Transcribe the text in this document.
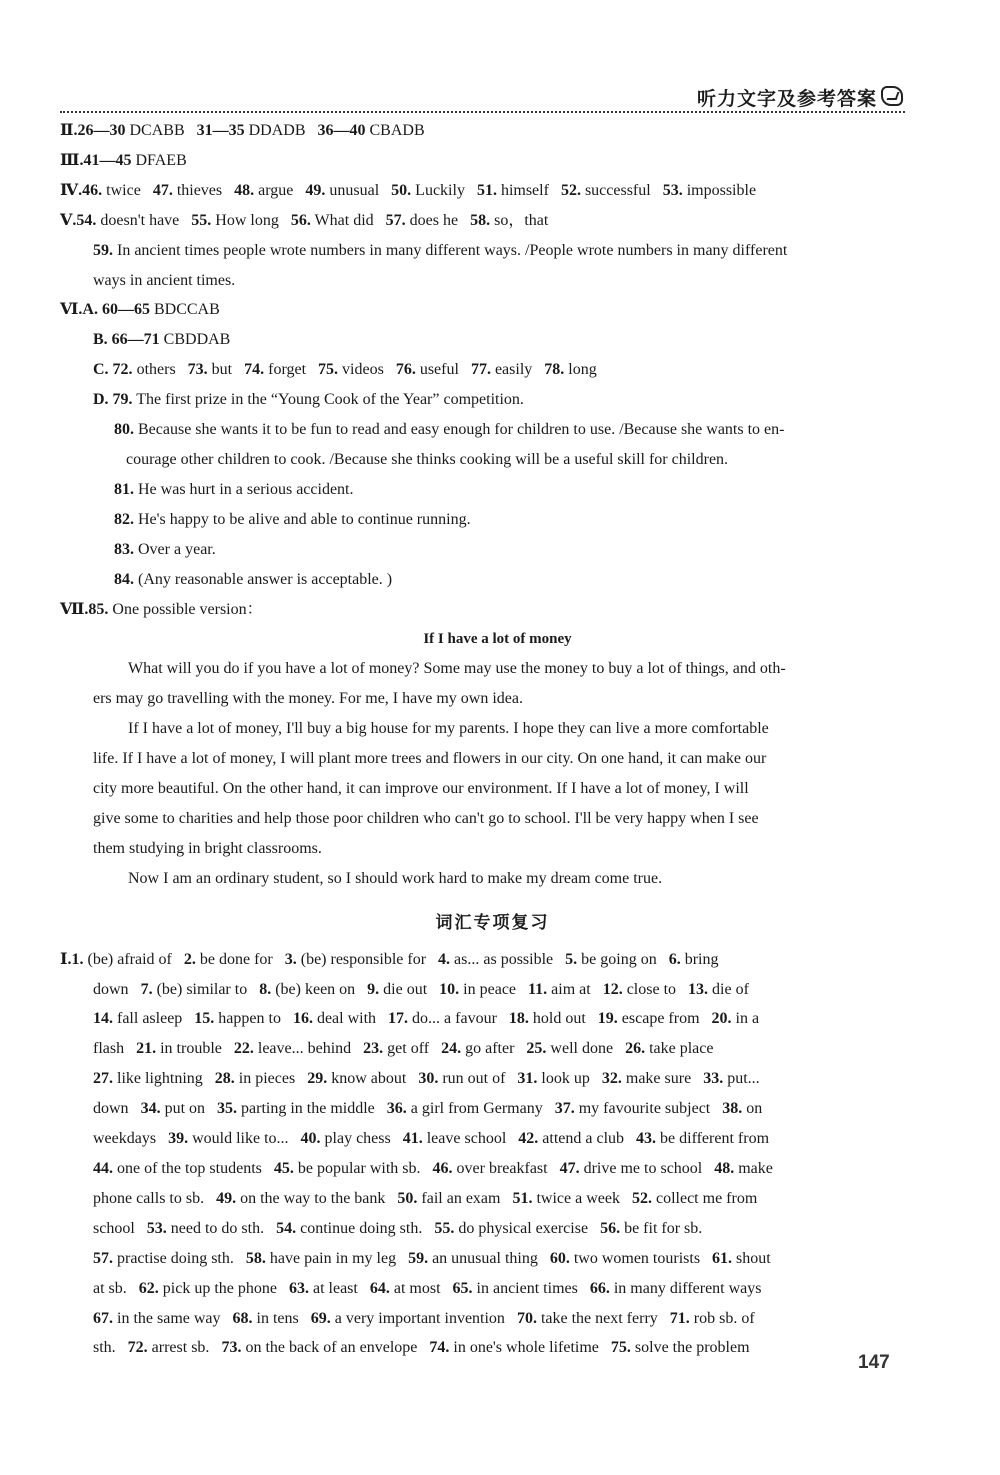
听力文字及参考答案
Ⅱ.26—30 DCABB   31—35 DDADB   36—40 CBADB
Ⅲ.41—45 DFAEB
Ⅳ.46. twice   47. thieves   48. argue   49. unusual   50. Luckily   51. himself   52. successful   53. impossible
Ⅴ.54. doesn't have   55. How long   56. What did   57. does he   58. so，that
59. In ancient times people wrote numbers in many different ways. /People wrote numbers in many different
ways in ancient times.
Ⅵ.A. 60—65 BDCCAB
B. 66—71 CBDDAB
C. 72. others   73. but   74. forget   75. videos   76. useful   77. easily   78. long
D. 79. The first prize in the “Young Cook of the Year” competition.
80. Because she wants it to be fun to read and easy enough for children to use. /Because she wants to en-
courage other children to cook. /Because she thinks cooking will be a useful skill for children.
81. He was hurt in a serious accident.
82. He's happy to be alive and able to continue running.
83. Over a year.
84. (Any reasonable answer is acceptable. )
Ⅶ.85. One possible version：
If I have a lot of money
What will you do if you have a lot of money? Some may use the money to buy a lot of things, and oth-
ers may go travelling with the money. For me, I have my own idea.
If I have a lot of money, I'll buy a big house for my parents. I hope they can live a more comfortable
life. If I have a lot of money, I will plant more trees and flowers in our city. On one hand, it can make our
city more beautiful. On the other hand, it can improve our environment. If I have a lot of money, I will
give some to charities and help those poor children who can't go to school. I'll be very happy when I see
them studying in bright classrooms.
Now I am an ordinary student, so I should work hard to make my dream come true.
词汇专项复习
Ⅰ.1. (be) afraid of   2. be done for   3. (be) responsible for   4. as... as possible   5. be going on   6. bring
down   7. (be) similar to   8. (be) keen on   9. die out   10. in peace   11. aim at   12. close to   13. die of
14. fall asleep   15. happen to   16. deal with   17. do... a favour   18. hold out   19. escape from   20. in a
flash   21. in trouble   22. leave... behind   23. get off   24. go after   25. well done   26. take place
27. like lightning   28. in pieces   29. know about   30. run out of   31. look up   32. make sure   33. put...
down   34. put on   35. parting in the middle   36. a girl from Germany   37. my favourite subject   38. on
weekdays   39. would like to...   40. play chess   41. leave school   42. attend a club   43. be different from
44. one of the top students   45. be popular with sb.   46. over breakfast   47. drive me to school   48. make
phone calls to sb.   49. on the way to the bank   50. fail an exam   51. twice a week   52. collect me from
school   53. need to do sth.   54. continue doing sth.   55. do physical exercise   56. be fit for sb.
57. practise doing sth.   58. have pain in my leg   59. an unusual thing   60. two women tourists   61. shout
at sb.   62. pick up the phone   63. at least   64. at most   65. in ancient times   66. in many different ways
67. in the same way   68. in tens   69. a very important invention   70. take the next ferry   71. rob sb. of
sth.   72. arrest sb.   73. on the back of an envelope   74. in one's whole lifetime   75. solve the problem
147
